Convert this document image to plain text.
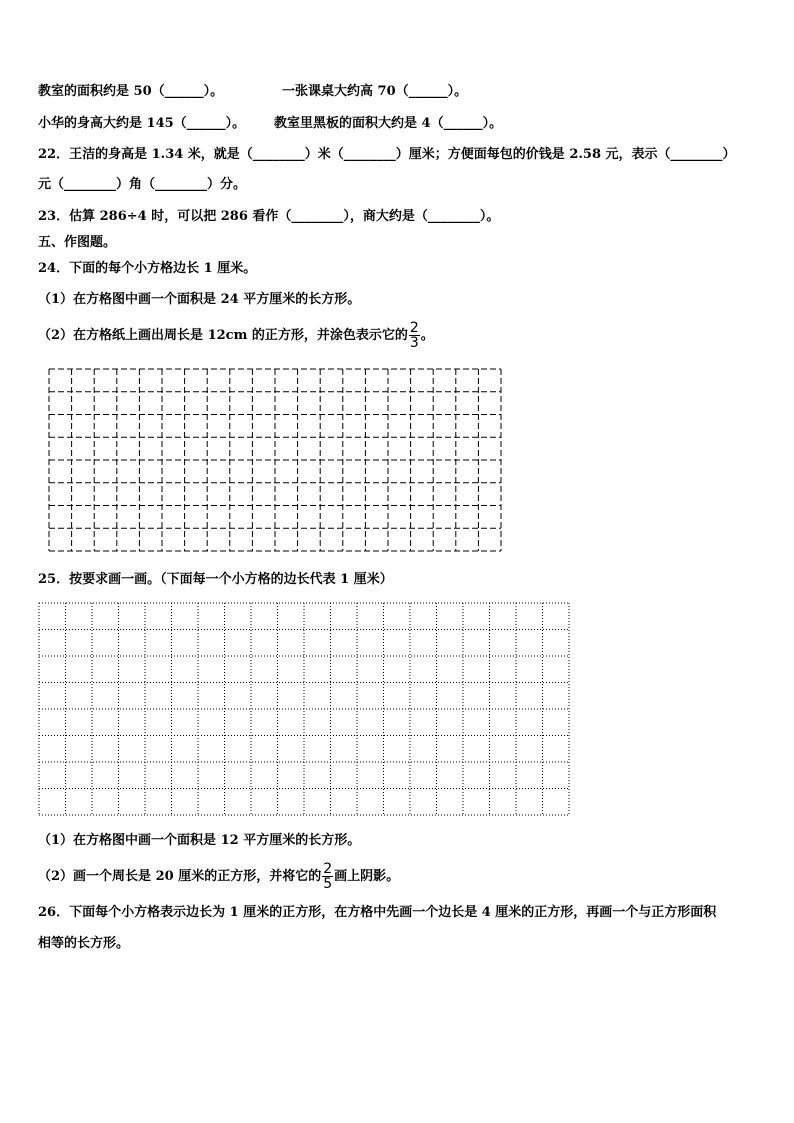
教室的面积约是 50（______）。	一张课桌大约高 70（______）。
小华的身高大约是 145（______）。 教室里黑板的面积大约是 4（______）。
22．王洁的身高是 1.34 米，就是（________）米（________）厘米；方便面每包的价钱是 2.58 元，表示（________）
元（________）角（________）分。
23．估算 286÷4 时，可以把 286 看作（________），商大约是（________）。
五、作图题。
24．下面的每个小方格边长 1 厘米。
（1）在方格图中画一个面积是 24 平方厘米的长方形。
（2）在方格纸上画出周长是 12cm 的正方形，并涂色表示它的 $\frac{2}{3}$ 。
25．按要求画一画。（下面每一个小方格的边长代表 1 厘米）
（1）在方格图中画一个面积是 12 平方厘米的长方形。
（2）画一个周长是 20 厘米的正方形，并将它的 $\frac{2}{5}$ 画上阴影。
26．下面每个小方格表示边长为 1 厘米的正方形，在方格中先画一个边长是 4 厘米的正方形，再画一个与正方形面积
相等的长方形。
